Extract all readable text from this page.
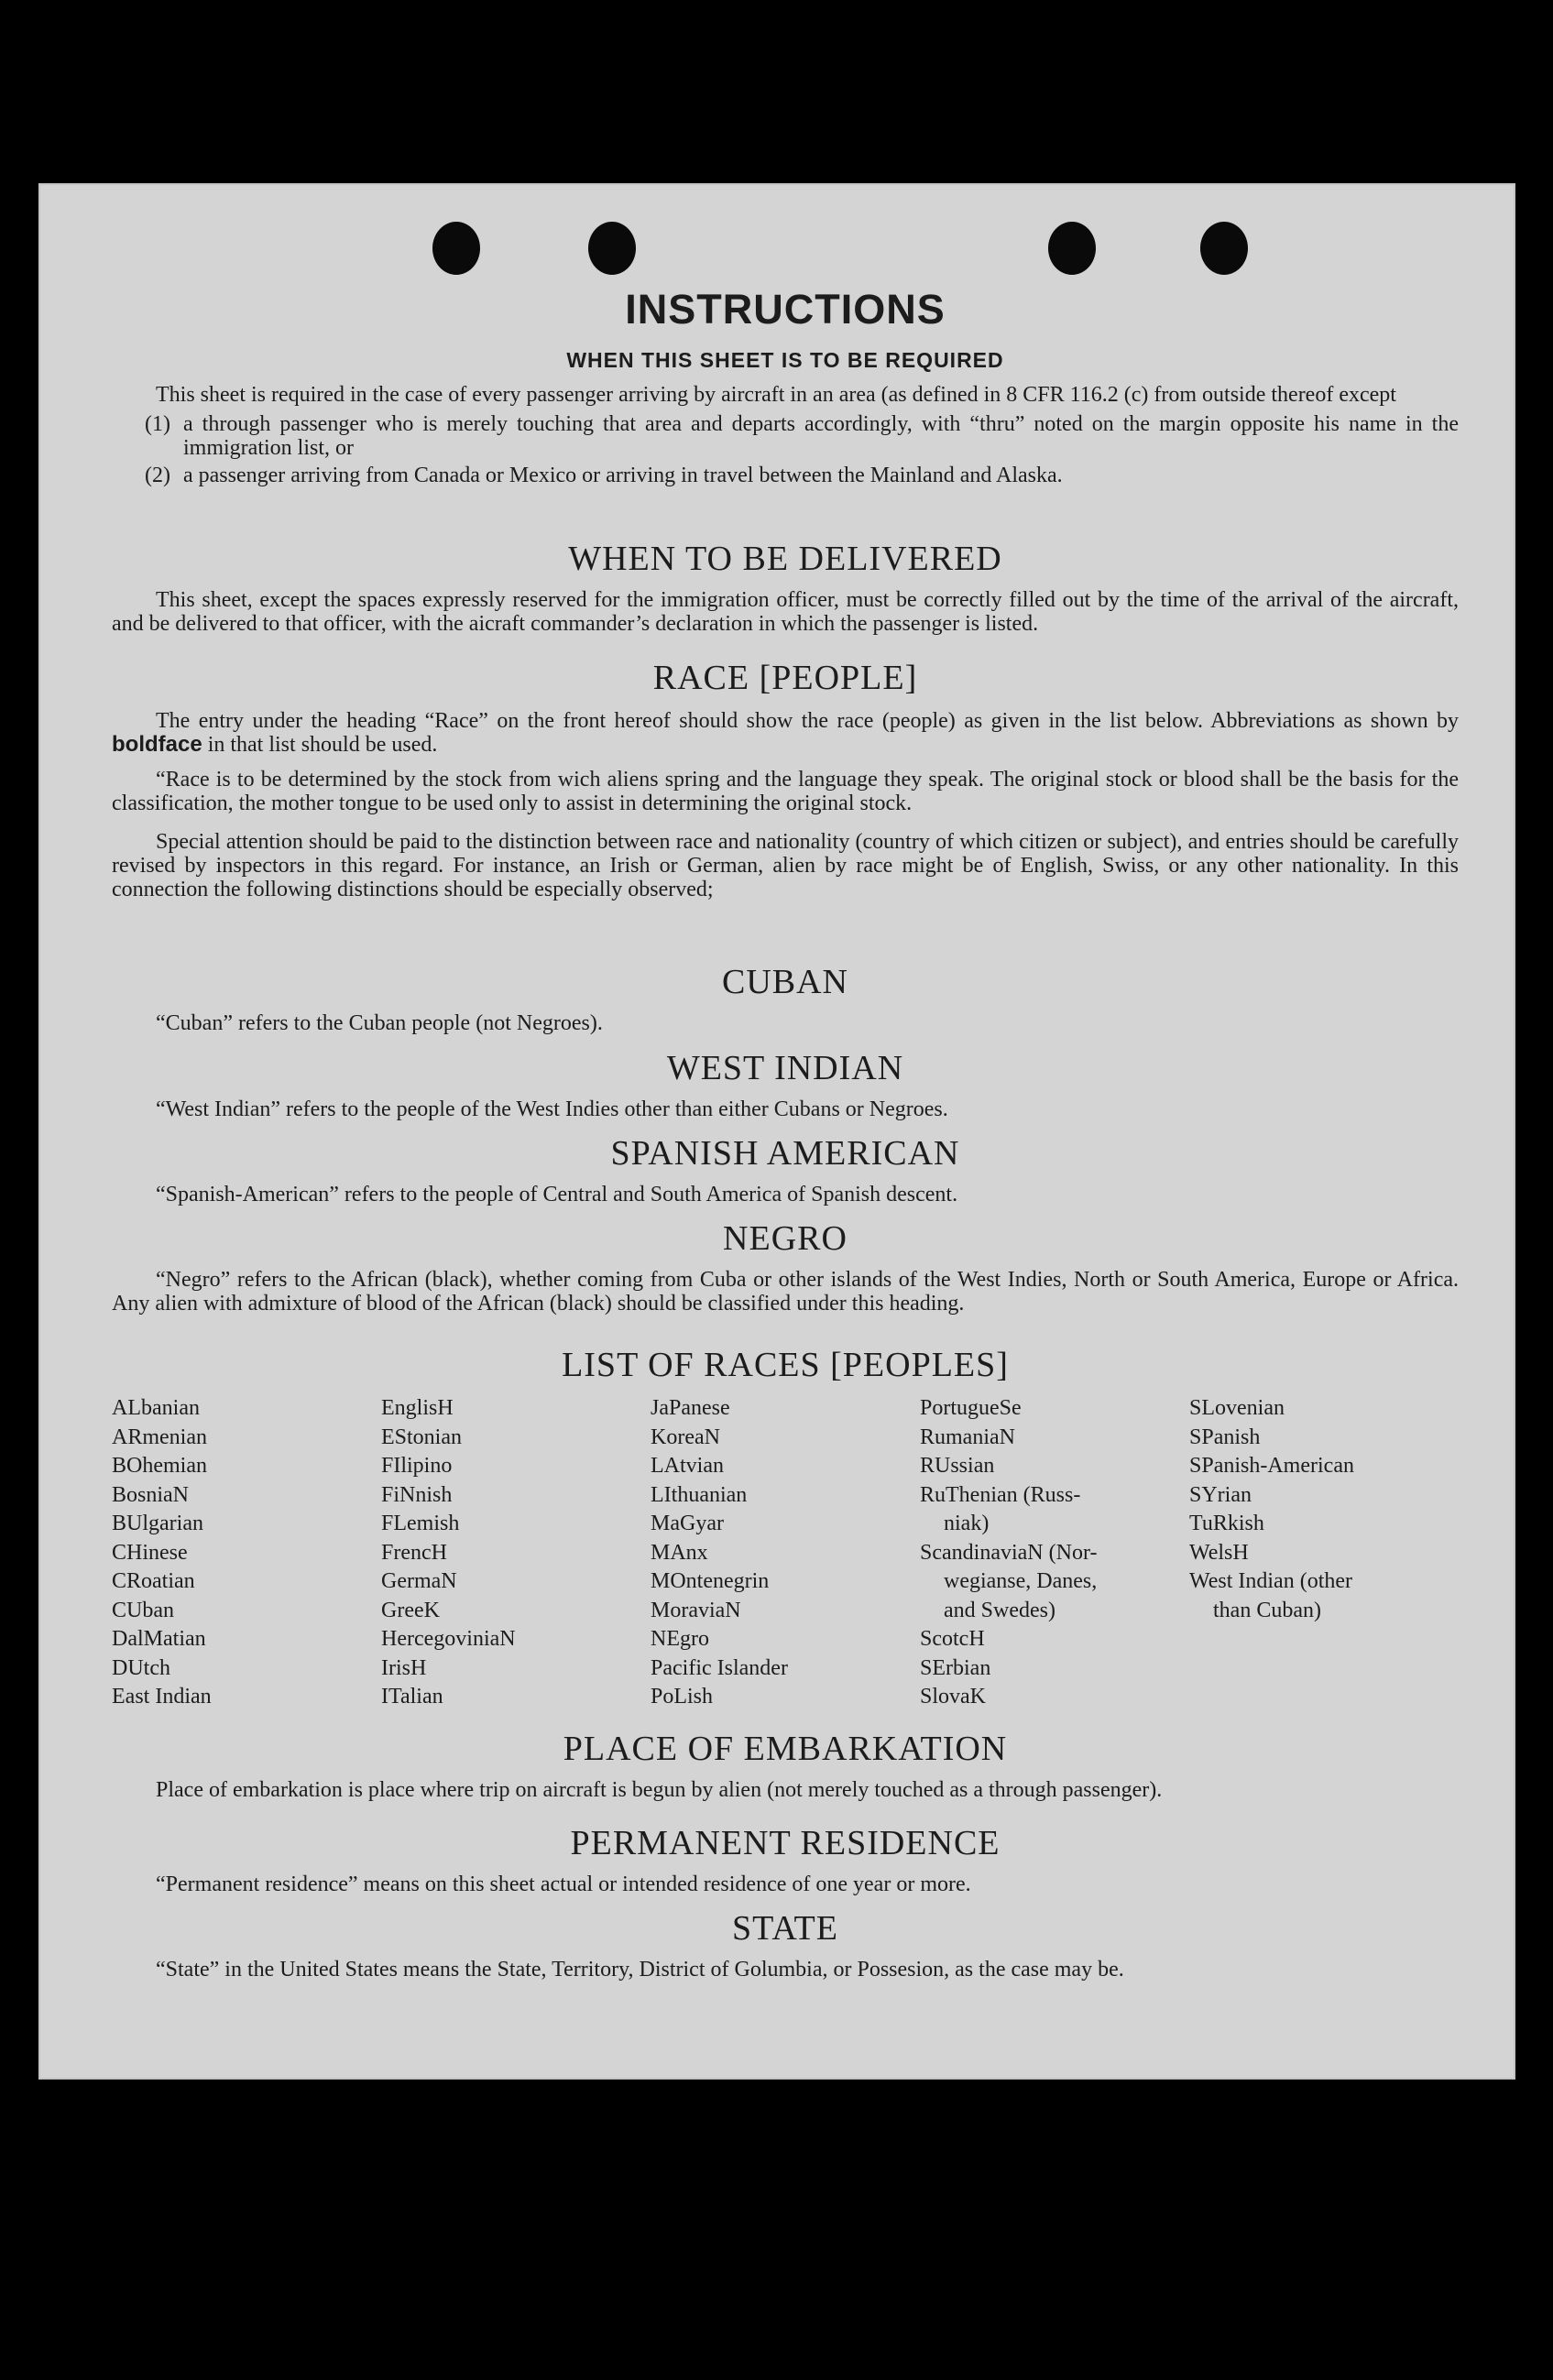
INSTRUCTIONS
WHEN THIS SHEET IS TO BE REQUIRED

This sheet is required in the case of every passenger arriving by aircraft in an area (as defined in 8 CFR 116.2 (c) from outside thereof except

(1) a through passenger who is merely touching that area and departs accordingly, with “thru” noted on the margin opposite his name in the immigration list, or
(2) a passenger arriving from Canada or Mexico or arriving in travel between the Mainland and Alaska.
WHEN TO BE DELIVERED

This sheet, except the spaces expressly reserved for the immigration officer, must be correctly filled out by the time of the arrival of the aircraft, and be delivered to that officer, with the aicraft commander’s declaration in which the passenger is listed.

RACE [PEOPLE]

The entry under the heading “Race” on the front hereof should show the race (people) as given in the list below. Abbreviations as shown by boldface in that list should be used.

“Race is to be determined by the stock from wich aliens spring and the language they speak. The original stock or blood shall be the basis for the classification, the mother tongue to be used only to assist in determining the original stock.

Special attention should be paid to the distinction between race and nationality (country of which citizen or subject), and entries should be carefully revised by inspectors in this regard. For instance, an Irish or German, alien by race might be of English, Swiss, or any other nationality. In this connection the following distinctions should be especially observed;

CUBAN

“Cuban” refers to the Cuban people (not Negroes).

WEST INDIAN

“West Indian” refers to the people of the West Indies other than either Cubans or Negroes.

SPANISH AMERICAN

“Spanish-American” refers to the people of Central and South America of Spanish descent.

NEGRO

“Negro” refers to the African (black), whether coming from Cuba or other islands of the West Indies, North or South America, Europe or Africa. Any alien with admixture of blood of the African (black) should be classified under this heading.

LIST OF RACES [PEOPLES]
ALbanian
ARmenian
BOhemian
BosniaN
BUlgarian
CHinese
CRoatian
CUban
DalMatian
DUtch
East Indian
EnglisH
EStonian
FIlipino
FiNnish
FLemish
FrencH
GermaN
GreeK
HercegoviniaN
IrisH
ITalian
JaPanese
KoreaN
LAtvian
LIthuanian
MaGyar
MAnx
MOntenegrin
MoraviaN
NEgro
Pacific Islander
PoLish
PortugueSe
RumaniaN
RUssian
RuThenian (Russ-
niak)
ScandinaviaN (Nor-
wegianse, Danes,
and Swedes)
ScotcH
SErbian
SlovaK
SLovenian
SPanish
SPanish-American
SYrian
TuRkish
WelsH
West Indian (other
than Cuban)
PLACE OF EMBARKATION

Place of embarkation is place where trip on aircraft is begun by alien (not merely touched as a through passenger).

PERMANENT RESIDENCE

“Permanent residence” means on this sheet actual or intended residence of one year or more.

STATE

“State” in the United States means the State, Territory, District of Golumbia, or Possesion, as the case may be.
